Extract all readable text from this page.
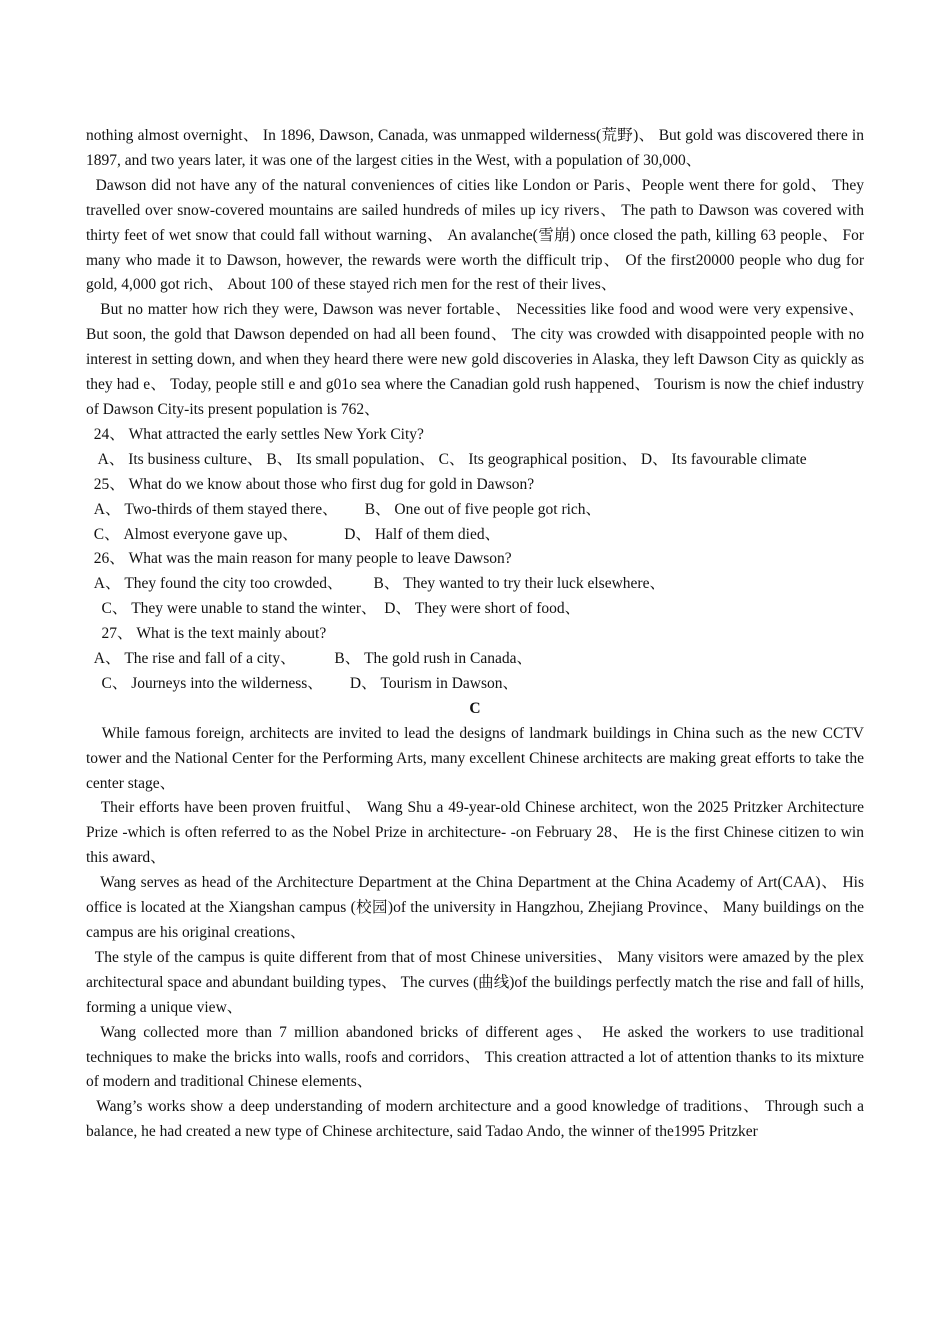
nothing almost overnight、 In 1896, Dawson, Canada, was unmapped wilderness(荒野)、 But gold was discovered there in 1897, and two years later, it was one of the largest cities in the West, with a population of 30,000、

Dawson did not have any of the natural conveniences of cities like London or Paris、People went there for gold、 They travelled over snow-covered mountains are sailed hundreds of miles up icy rivers、 The path to Dawson was covered with thirty feet of wet snow that could fall without warning、 An avalanche(雪崩) once closed the path, killing 63 people、 For many who made it to Dawson, however, the rewards were worth the difficult trip、 Of the first20000 people who dug for gold, 4,000 got rich、 About 100 of these stayed rich men for the rest of their lives、

But no matter how rich they were, Dawson was never fortable、 Necessities like food and wood were very expensive、 But soon, the gold that Dawson depended on had all been found、 The city was crowded with disappointed people with no interest in setting down, and when they heard there were new gold discoveries in Alaska, they left Dawson City as quickly as they had e、 Today, people still e and g01o sea where the Canadian gold rush happened、 Tourism is now the chief industry of Dawson City-its present population is 762、

24、 What attracted the early settles New York City?

A、 Its business culture、 B、 Its small population、 C、 Its geographical position、 D、 Its favourable climate

25、 What do we know about those who first dug for gold in Dawson?

A、 Two-thirds of them stayed there、       B、 One out of five people got rich、

C、 Almost everyone gave up、            D、 Half of them died、

26、 What was the main reason for many people to leave Dawson?

A、 They found the city too crowded、        B、 They wanted to try their luck elsewhere、

C、 They were unable to stand the winter、  D、 They were short of food、

27、 What is the text mainly about?

A、 The rise and fall of a city、          B、 The gold rush in Canada、

C、 Journeys into the wilderness、       D、 Tourism in Dawson、

C

While famous foreign, architects are invited to lead the designs of landmark buildings in China such as the new CCTV tower and the National Center for the Performing Arts, many excellent Chinese architects are making great efforts to take the center stage、

Their efforts have been proven fruitful、 Wang Shu a 49-year-old Chinese architect, won the 2025 Pritzker Architecture Prize -which is often referred to as the Nobel Prize in architecture- -on February 28、 He is the first Chinese citizen to win this award、

Wang serves as head of the Architecture Department at the China Department at the China Academy of Art(CAA)、 His office is located at the Xiangshan campus (校园)of the university in Hangzhou, Zhejiang Province、 Many buildings on the campus are his original creations、

The style of the campus is quite different from that of most Chinese universities、 Many visitors were amazed by the plex architectural space and abundant building types、 The curves (曲线)of the buildings perfectly match the rise and fall of hills, forming a unique view、

Wang collected more than 7 million abandoned bricks of different ages、 He asked the workers to use traditional techniques to make the bricks into walls, roofs and corridors、 This creation attracted a lot of attention thanks to its mixture of modern and traditional Chinese elements、

Wang’s works show a deep understanding of modern architecture and a good knowledge of traditions、 Through such a balance, he had created a new type of Chinese architecture, said Tadao Ando, the winner of the1995 Pritzker
